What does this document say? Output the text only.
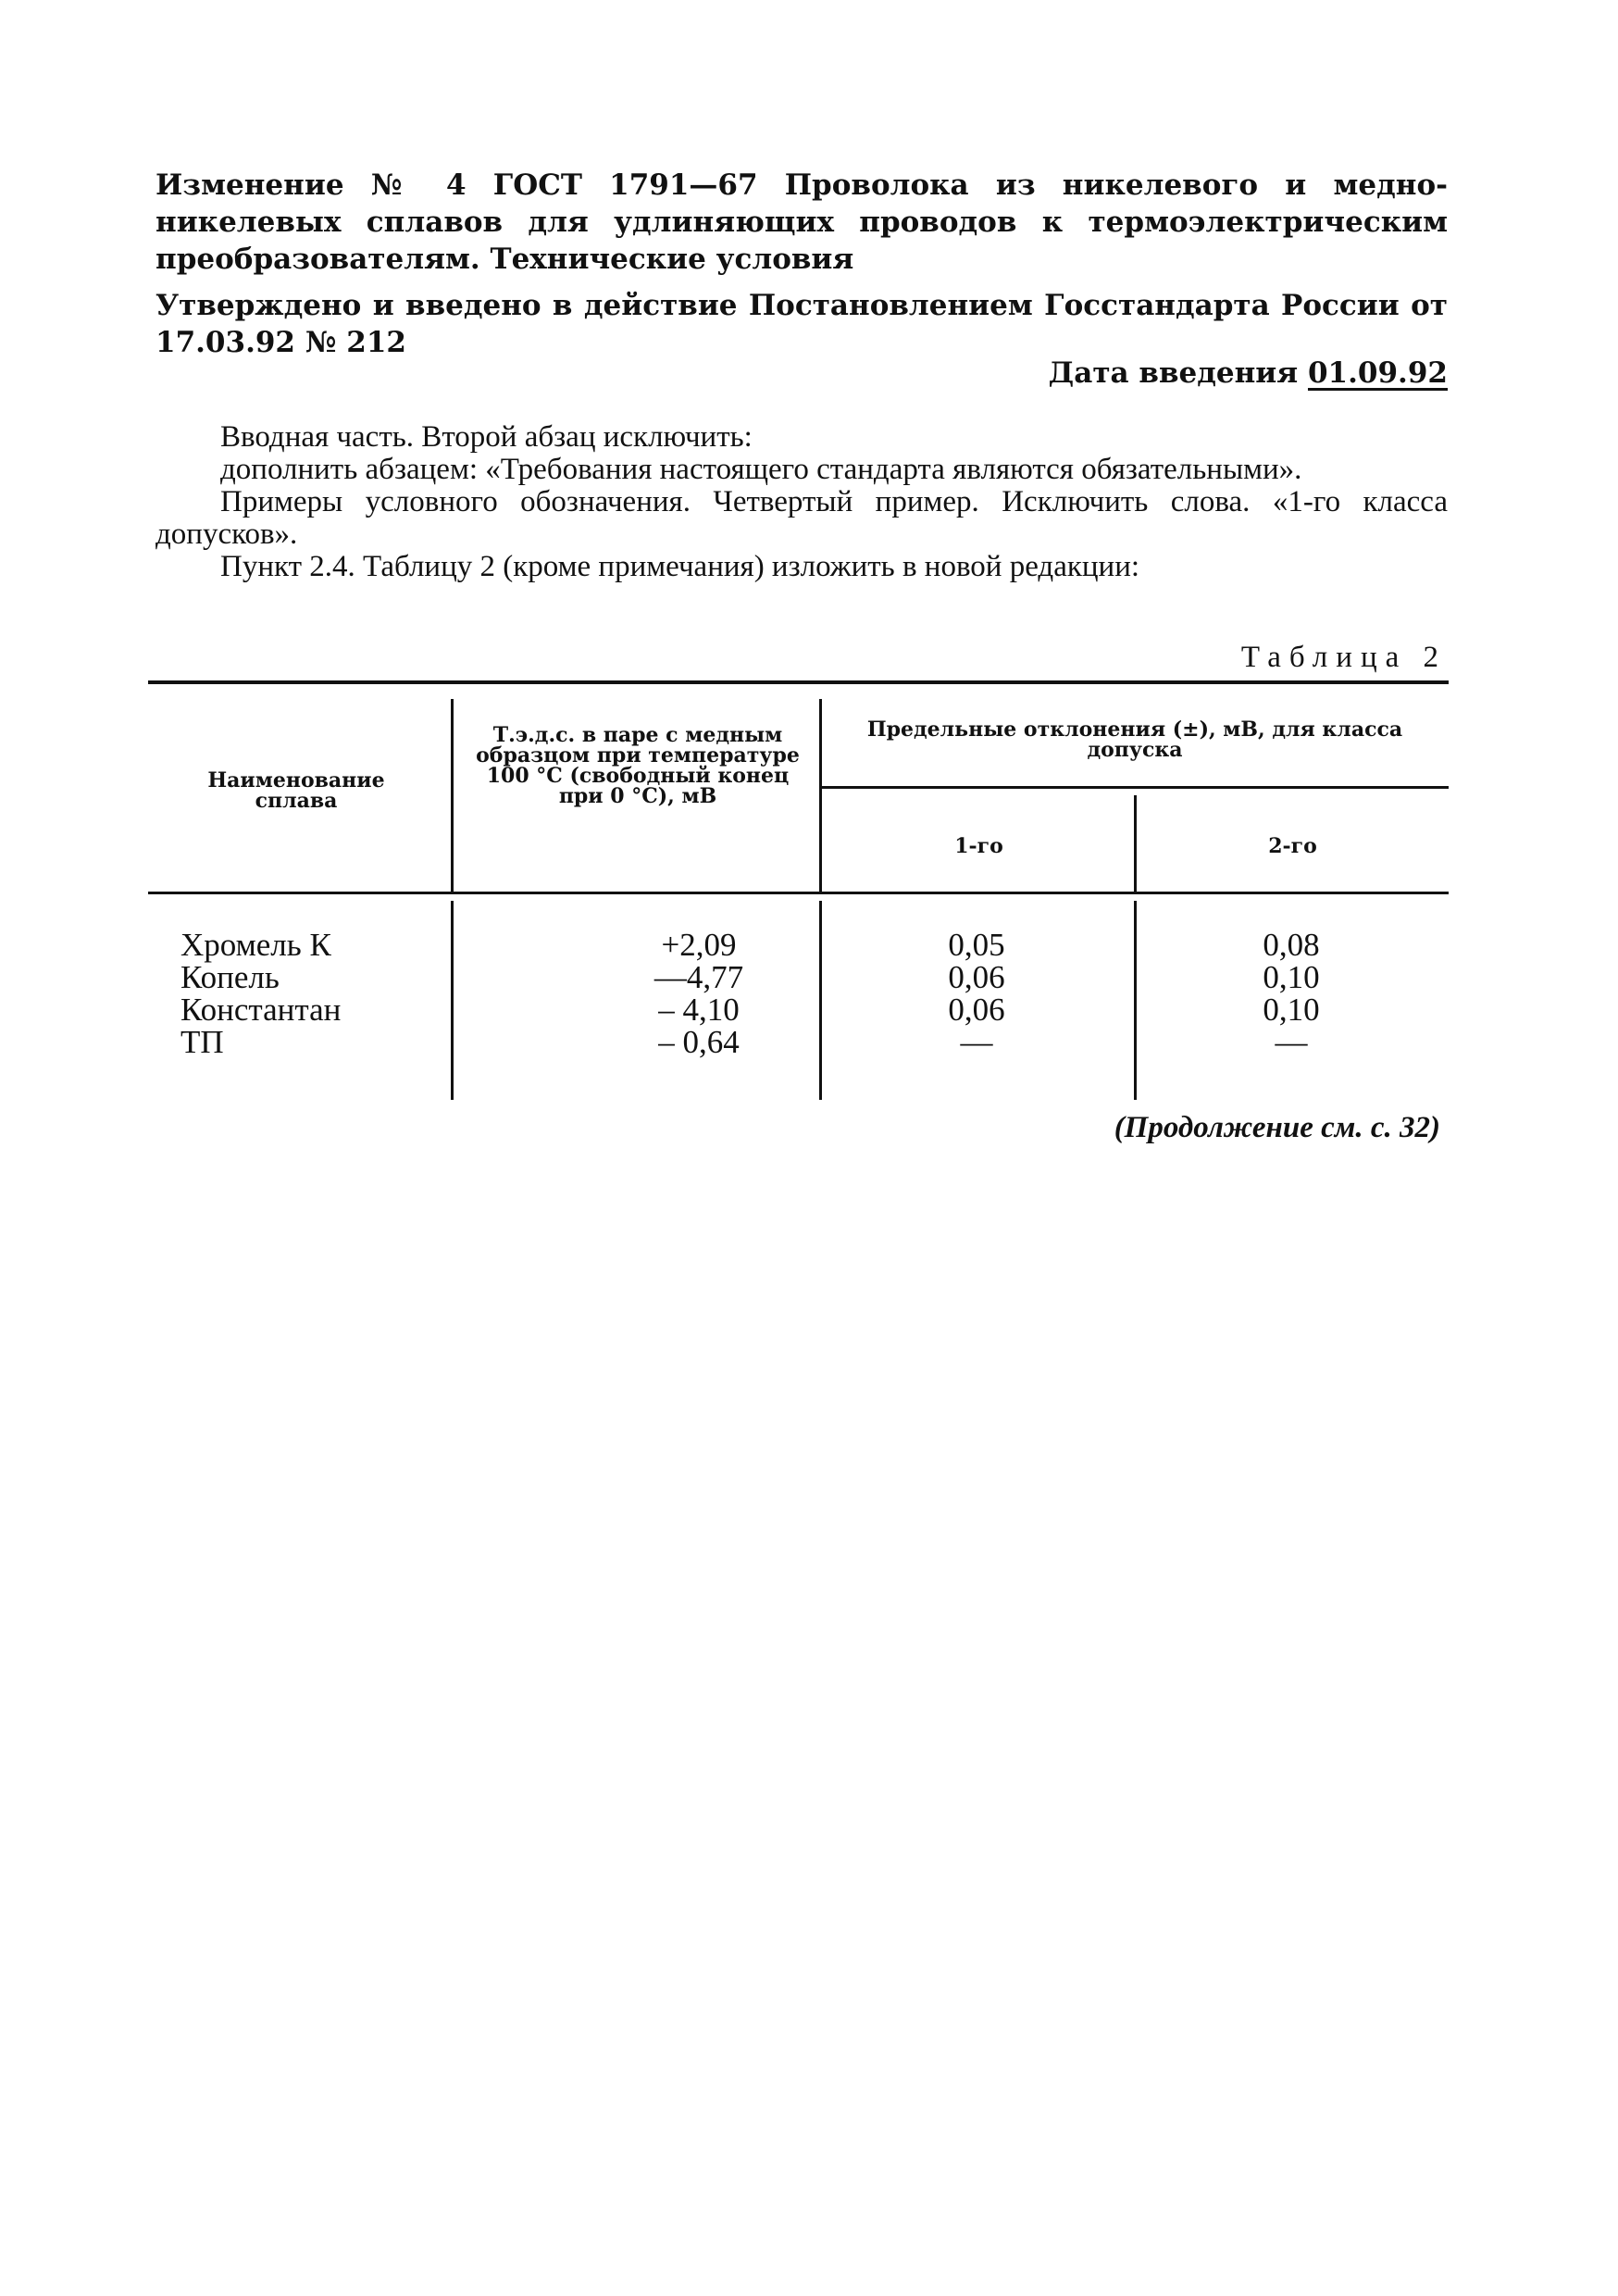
Изменение № 4 ГОСТ 1791—67 Проволока из никелевого и медно-никелевых сплавов для удлиняющих проводов к термоэлектрическим преобразователям. Технические условия
Утверждено и введено в действие Постановлением Госстандарта России от 17.03.92 № 212
Дата введения 01.09.92

Вводная часть. Второй абзац исключить:

дополнить абзацем: «Требования настоящего стандарта являются обязательными».

Примеры условного обозначения. Четвертый пример. Исключить слова. «1-го класса допусков».

Пункт 2.4. Таблицу 2 (кроме примечания) изложить в новой редакции:

Таблица 2
Наименование сплава
Т.э.д.с. в паре с медным образцом при температуре 100 °С (свободный конец при 0 °С), мВ
Предельные отклонения (±), мВ, для класса допуска
1-го	2-го
Хромель К	+2,09	0,05	0,08
Копель	—4,77	0,06	0,10
Константан	– 4,10	0,06	0,10
ТП	– 0,64	—	—
(Продолжение см. с. 32)
